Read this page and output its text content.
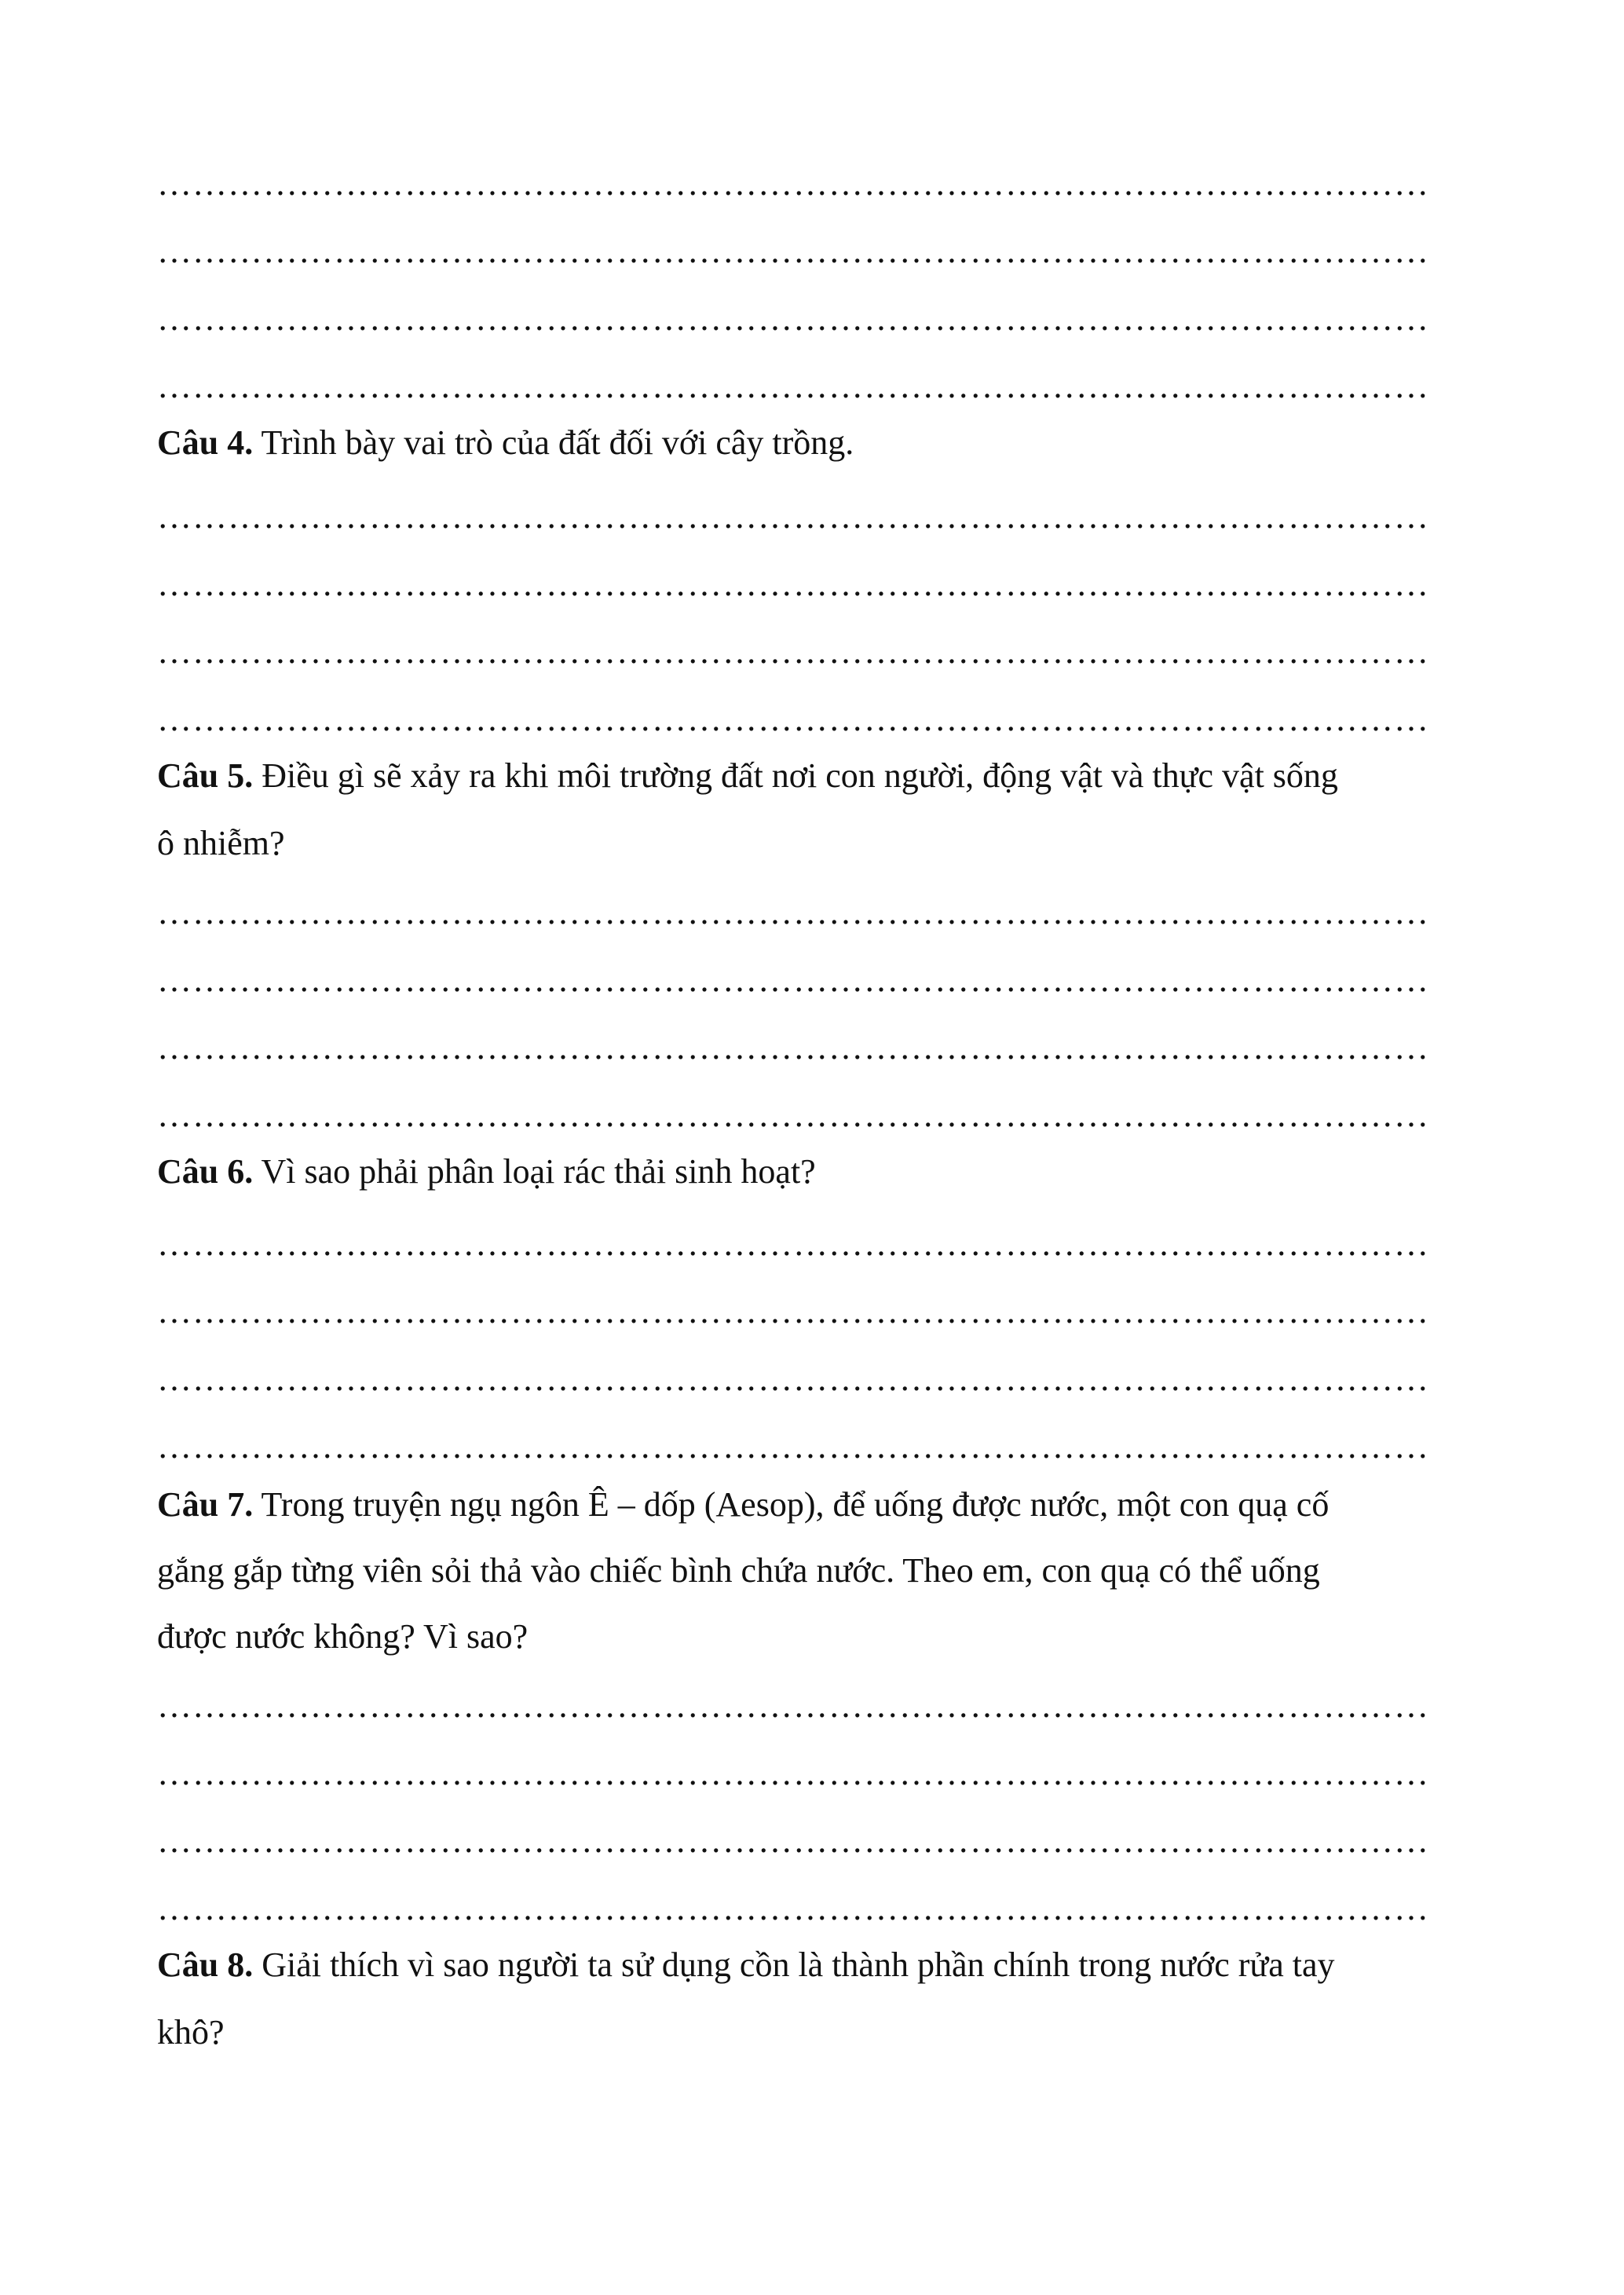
………………………………………………………………………………………………
………………………………………………………………………………………………
………………………………………………………………………………………………
………………………………………………………………………………………………
Câu 4. Trình bày vai trò của đất đối với cây trồng.
………………………………………………………………………………………………
………………………………………………………………………………………………
………………………………………………………………………………………………
………………………………………………………………………………………………
Câu 5. Điều gì sẽ xảy ra khi môi trường đất nơi con người, động vật và thực vật sống
ô nhiễm?
………………………………………………………………………………………………
………………………………………………………………………………………………
………………………………………………………………………………………………
………………………………………………………………………………………………
Câu 6. Vì sao phải phân loại rác thải sinh hoạt?
………………………………………………………………………………………………
………………………………………………………………………………………………
………………………………………………………………………………………………
………………………………………………………………………………………………
Câu 7. Trong truyện ngụ ngôn Ê – dốp (Aesop), để uống được nước, một con quạ cố
gắng gắp từng viên sỏi thả vào chiếc bình chứa nước. Theo em, con quạ có thể uống
được nước không? Vì sao?
………………………………………………………………………………………………
………………………………………………………………………………………………
………………………………………………………………………………………………
………………………………………………………………………………………………
Câu 8. Giải thích vì sao người ta sử dụng cồn là thành phần chính trong nước rửa tay
khô?
